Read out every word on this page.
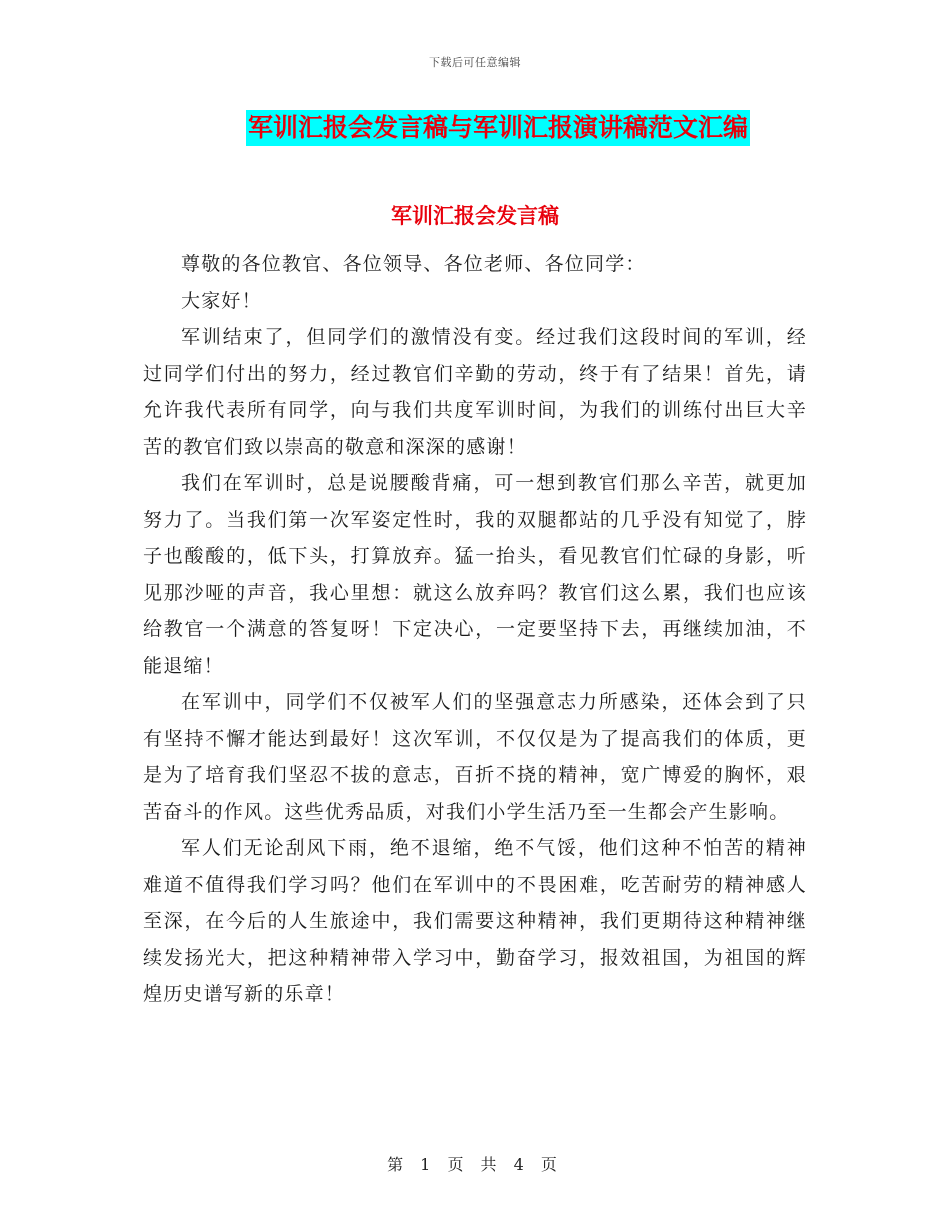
下载后可任意编辑
军训汇报会发言稿与军训汇报演讲稿范文汇编
军训汇报会发言稿

尊敬的各位教官、各位领导、各位老师、各位同学：

大家好！

军训结束了，但同学们的激情没有变。经过我们这段时间的军训，经过同学们付出的努力，经过教官们辛勤的劳动，终于有了结果！首先，请允许我代表所有同学，向与我们共度军训时间，为我们的训练付出巨大辛苦的教官们致以崇高的敬意和深深的感谢！

我们在军训时，总是说腰酸背痛，可一想到教官们那么辛苦，就更加努力了。当我们第一次军姿定性时，我的双腿都站的几乎没有知觉了，脖子也酸酸的，低下头，打算放弃。猛一抬头，看见教官们忙碌的身影，听见那沙哑的声音，我心里想：就这么放弃吗？教官们这么累，我们也应该给教官一个满意的答复呀！下定决心，一定要坚持下去，再继续加油，不能退缩！

在军训中，同学们不仅被军人们的坚强意志力所感染，还体会到了只有坚持不懈才能达到最好！这次军训，不仅仅是为了提高我们的体质，更是为了培育我们坚忍不拔的意志，百折不挠的精神，宽广博爱的胸怀，艰苦奋斗的作风。这些优秀品质，对我们小学生活乃至一生都会产生影响。

军人们无论刮风下雨，绝不退缩，绝不气馁，他们这种不怕苦的精神难道不值得我们学习吗？他们在军训中的不畏困难，吃苦耐劳的精神感人至深，在今后的人生旅途中，我们需要这种精神，我们更期待这种精神继续发扬光大，把这种精神带入学习中，勤奋学习，报效祖国，为祖国的辉煌历史谱写新的乐章！

第 1 页 共 4 页
